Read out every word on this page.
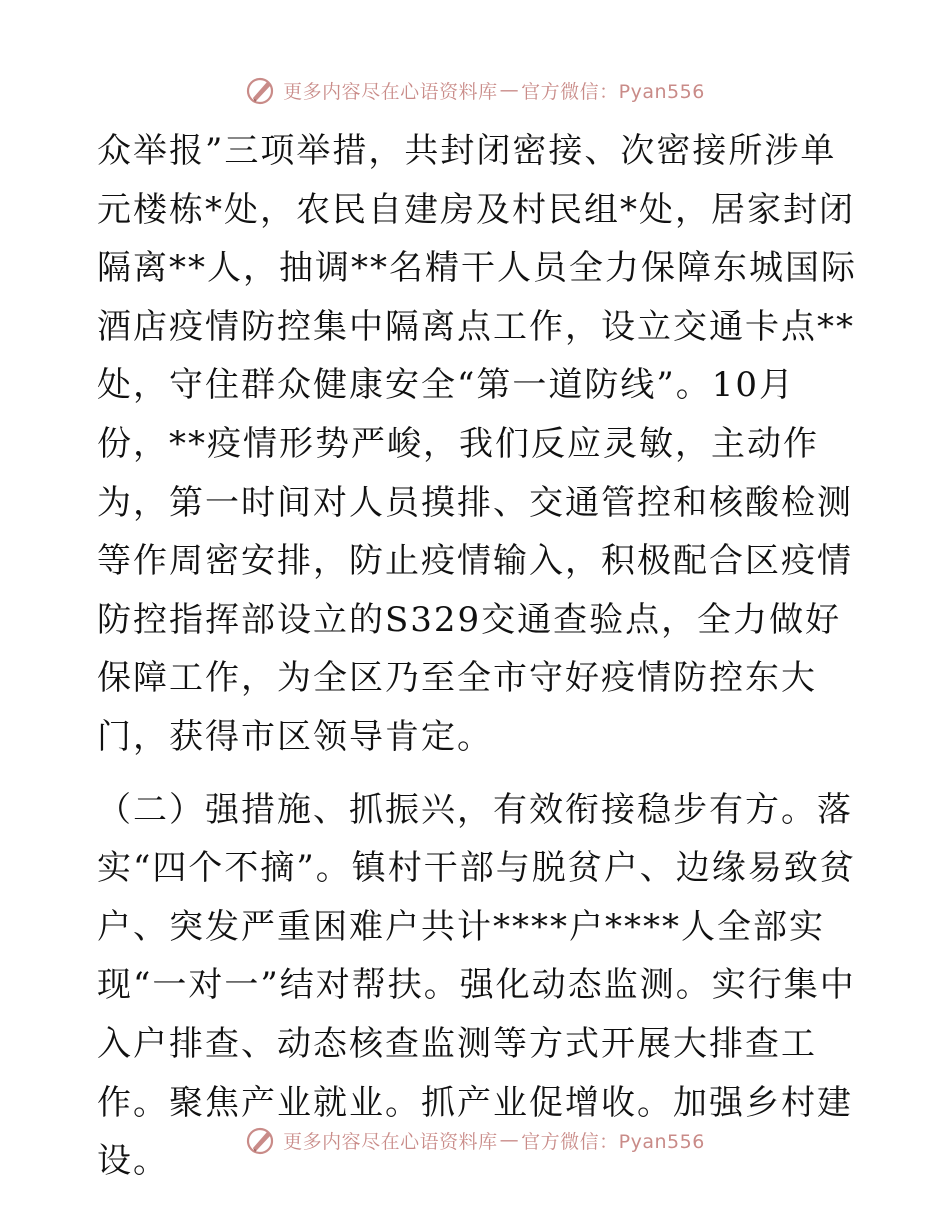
更多内容尽在心语资料库 — 官方微信：Pyan556

众举报”三项举措，共封闭密接、次密接所涉单元楼栋*处，农民自建房及村民组*处，居家封闭隔离**人，抽调**名精干人员全力保障东城国际酒店疫情防控集中隔离点工作，设立交通卡点**处，守住群众健康安全“第一道防线”。10月份，**疫情形势严峻，我们反应灵敏，主动作为，第一时间对人员摸排、交通管控和核酸检测等作周密安排，防止疫情输入，积极配合区疫情防控指挥部设立的S329交通查验点，全力做好保障工作，为全区乃至全市守好疫情防控东大门，获得市区领导肯定。

（二）强措施、抓振兴，有效衔接稳步有方。落实“四个不摘”。镇村干部与脱贫户、边缘易致贫户、突发严重困难户共计****户****人全部实现“一对一”结对帮扶。强化动态监测。实行集中入户排查、动态核查监测等方式开展大排查工作。聚焦产业就业。抓产业促增收。加强乡村建设。	更多内容尽在心语资料库 — 官方微信：Pyan556
